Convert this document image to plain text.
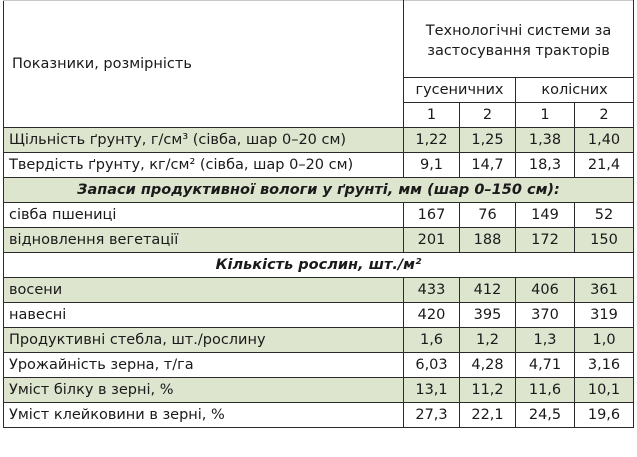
Показники, розмірність	Технологічні системи за застосування тракторів			
	гусеничних		колісних	
	1	2	1	2
Щільність ґрунту, г/см³ (сівба, шар 0–20 см)	1,22	1,25	1,38	1,40
Твердість ґрунту, кг/см² (сівба, шар 0–20 см)	9,1	14,7	18,3	21,4
Запаси продуктивної вологи у ґрунті, мм (шар 0–150 см):				
сівба пшениці	167	76	149	52
відновлення вегетації	201	188	172	150
Кількість рослин, шт./м²				
восени	433	412	406	361
навесні	420	395	370	319
Продуктивні стебла, шт./рослину	1,6	1,2	1,3	1,0
Урожайність зерна, т/га	6,03	4,28	4,71	3,16
Уміст білку в зерні, %	13,1	11,2	11,6	10,1
Уміст клейковини в зерні, %	27,3	22,1	24,5	19,6
